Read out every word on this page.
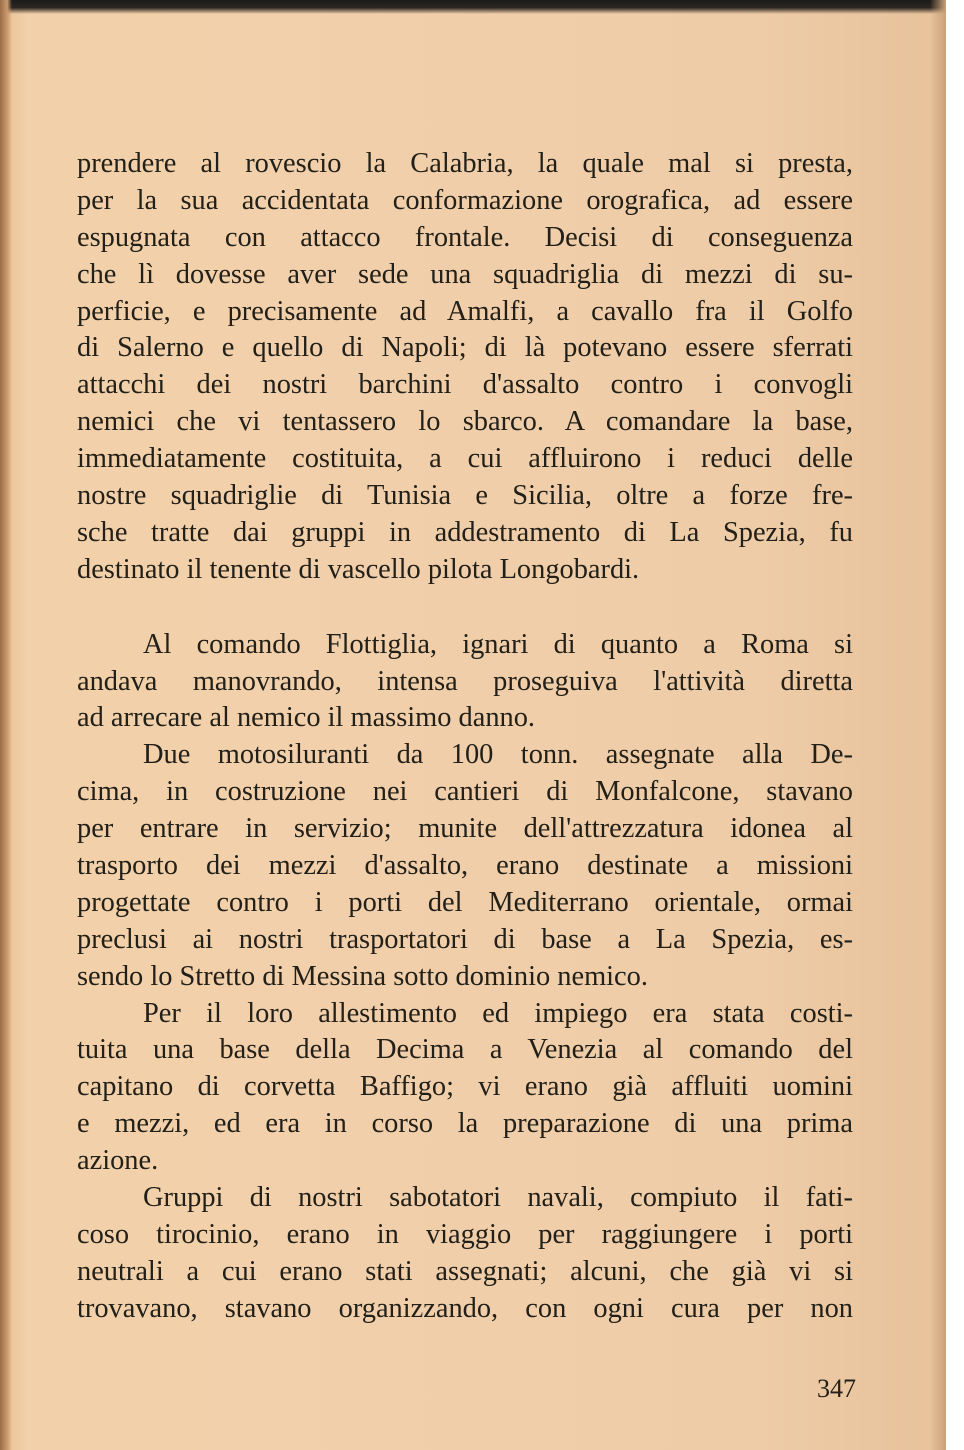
prendere al rovescio la Calabria, la quale mal si presta,
per la sua accidentata conformazione orografica, ad essere
espugnata con attacco frontale. Decisi di conseguenza
che lì dovesse aver sede una squadriglia di mezzi di su-
perficie, e precisamente ad Amalfi, a cavallo fra il Golfo
di Salerno e quello di Napoli; di là potevano essere sferrati
attacchi dei nostri barchini d'assalto contro i convogli
nemici che vi tentassero lo sbarco. A comandare la base,
immediatamente costituita, a cui affluirono i reduci delle
nostre squadriglie di Tunisia e Sicilia, oltre a forze fre-
sche tratte dai gruppi in addestramento di La Spezia, fu
destinato il tenente di vascello pilota Longobardi.

Al comando Flottiglia, ignari di quanto a Roma si
andava manovrando, intensa proseguiva l'attività diretta
ad arrecare al nemico il massimo danno.

Due motosiluranti da 100 tonn. assegnate alla De-
cima, in costruzione nei cantieri di Monfalcone, stavano
per entrare in servizio; munite dell'attrezzatura idonea al
trasporto dei mezzi d'assalto, erano destinate a missioni
progettate contro i porti del Mediterrano orientale, ormai
preclusi ai nostri trasportatori di base a La Spezia, es-
sendo lo Stretto di Messina sotto dominio nemico.

Per il loro allestimento ed impiego era stata costi-
tuita una base della Decima a Venezia al comando del
capitano di corvetta Baffigo; vi erano già affluiti uomini
e mezzi, ed era in corso la preparazione di una prima
azione.

Gruppi di nostri sabotatori navali, compiuto il fati-
coso tirocinio, erano in viaggio per raggiungere i porti
neutrali a cui erano stati assegnati; alcuni, che già vi si
trovavano, stavano organizzando, con ogni cura per non

347
